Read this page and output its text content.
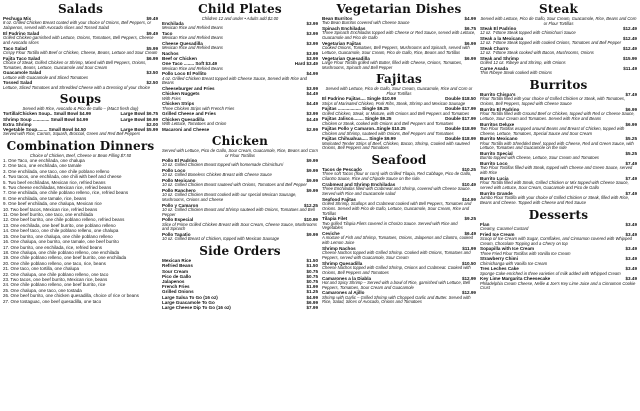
Salads
Pechuga Mix	$9.49
8 oz. Grilled Chicken Breast coated with your choice of Onions, Bell Peppers, or Jalapenos, served with Avocado slices and Tossed Salad
El Padrino Salad	$9.49
Grilled Chicken garnished with Lettuce, Onions, Tomatoes, Bell Peppers, Cheese and Avocado slices
Taco Salad	$5.99
Crispy Flour Tortilla with Beef or Chicken, Cheese, Beans, Lettuce and Sour Cream
Fajita Taco Salad	$6.99
Choice of Steak, Grilled Chicken or Shrimp, Mixed with Bell Peppers, Onions, Tomatoes, Beans, Lettuce, Guacamole and Sour Cream
Guacamole Salad	$3.50
Lettuce with Guacamole and Sliced Tomatoes
Tossed Salad	$2.50
Lettuce, Sliced Tomatoes and Shredded Cheese with a Dressing of your choice
Soups
Served with Rice, Avocado & Pico de Gallo – (Mac3 fresh day)
Tortilla/Chicken Soup.. Small Bowl $4.99	Large Bowl $6.75
Shrimp Soup ............. Small Bowl $4.99	Large Bowl $6.99
Extra Shrimp	$2.00
Vegetable Soup........ Small Bowl $4.50	Large Bowl $5.99
Served with Rice, Carrots, Squash, Broccoli, Green and Red Bell Peppers
Combination Dinners
Choice of Chicken, Beef, Cheese or Bean Filling $7.50
1. One Taco, one enchilada, one chalupa
2. One taco, one enchilada, one tamale
3. One enchilada, one taco, one chile poblano relleno
4. Two tacos, one enchilada, one chili with beef and cheese
5. Two beef enchiladas, Mexican rice, refried beans
6. Two cheese enchiladas, Mexican rice, refried beans
7. One enchilada, one chile poblano relleno, rice, refried beans
8. One enchilada, one tamale, rice, beans
9. One beef enchilada, one chalupa, Mexican rice
10. Two beef tacos, Mexican rice, refried beans
11. One beef burrito, one taco, one enchilada
12. One beef burrito, one chile poblano relleno, refried beans
13. One enchilada, one beef burrito, one poblano relleno
14. One beef taco, one chile poblano relleno, one chalupa
15. One burrito, one chalupa, one chile poblano relleno
16. One chalupa, one burrito, one tamale, one beef burrito
17. One burrito, one enchilada, rice, refried beans
18. One chalupa, one chile poblano relleno, one enchilada
19. One chile poblano relleno, one beef burrito, one enchilada
20. One chile poblano relleno, one taco, rice, beans
21. One taco, one tortilla, one chalupa
22. One chalupa, one chile poblano relleno, one taco
23. Two tacos, one beef burrito, Mexican rice, beans
24. One chile poblano relleno, one beef burrito, rice
25. One chalupa, one taco, one tostada
26. One beef burrito, one chicken quesadilla, choice of rice or beans
27. One tostaguac, one beef quesadilla, one taco
Child Plates
Children 12 and under • Adults add $2.00
Enchilada	$3.99
Mexican Rice and Refried Beans
Taco	$3.99
Mexican Rice and Refried Beans
Cheese Quesadilla	$3.99
Mexican Rice and Refried Beans
Nachos	$3.99
Beef or Chicken	$3.99
One Taco ........ Soft $3.49	Hard $3.49
Mexican Rice and Refried Beans
Pollo Loco El Pollito	$4.99
4 oz. Grilled Chicken Breast topped with Cheese Sauce, Served with Rice and Beans
Cheeseburger and Fries	$3.99
Chicken Nuggets	$4.49
With Fries
Chicken Strips	$4.49
Three Chicken Strips with French Fries
Grilled Cheese and Fries	$3.99
Chicken Quesadilla	$4.49
With Lettuce, Tomatoes and Onion
Macaroni and Cheese	$2.99
Chicken
Served with Lettuce, Pico de Gallo, Sour Cream, Guacamole, Rice, Beans and Corn or Flour Tortillas
Pollo El Padrino	$9.99
10 oz. Grilled Chicken Breast topped with homemade Chimichurri
Pollo Loco	$9.99
10 oz. Grilled Boneless Chicken Breast with Cheese Sauce
Pollo Mexicano	$9.99
10 oz. Grilled Chicken Breast sauteed with Onions, Tomatoes and Bell Pepper
Pollo Ranchero	$9.99
10 oz. Grilled Chicken Breast cooked with our special Mexican Sausage, Mushrooms, Onions and Cheese
Pollo y Camaron	$12.25
10 oz. Grilled Chicken Breast and Shrimp sauteed with Onions, Tomatoes and Bell Pepper
Pollo Especial	$10.99
Slice of Prime Grilled Chicken Breast with Sour Cream, Cheese Sauce, Mushrooms and Spinach
Pollo Tapatio	$9.99
10 oz. Grilled Breast of Chicken, topped with Mexican Sausage
Side Orders
Mexican Rice	$1.50
Refried Beans	$1.50
Sour Cream	$0.75
Pico de Gallo	$0.75
Jalapenos	$0.75
French Fries	$1.99
Grilled Onions	$1.25
Large Salsa To Go (16 oz)	$4.99
Large Guacamole To Go	$6.99
Large Cheese Dip To Go (16 oz)	$7.99
Vegetarian Dishes
Bean Burritos	$4.99
Two Bean Burritos covered with Cheese Sauce
Spinach Enchiladas	$6.75
Three Spinach Enchiladas topped with Cheese or Red Sauce, served with Lettuce, Guacamole and Pico de Gallo
Vegetarian Fajitas	$6.99
Cooked Onions, Tomatoes, Bell Peppers, Mushrooms and Spinach, served with Lettuce, Guacamole, Sour Cream, Pico de Gallo, Rice, Beans and Tortillas
Vegetarian Quesadilla	$6.99
Large Flour Tortilla grilled with Butter, filled with Cheese, Onions, Tomatoes, Mushrooms, Spinach and Bell Pepper
Fajitas
Served with Lettuce, Pico de Gallo, Sour Cream, Guacamole, Rice and Corn or Flour Tortillas
El Padrino Fajitas.... Single $10.99	Double $18.50
Strips of Marinated Chicken, Pork Ribs, Steak, Shrimp and Mexican Sausage
Fajitas .................. Single $9.25	Double $17.99
Grilled Chicken, Steak, or Mixture, with Onions and Bell Peppers and Tomatoes
Fajitas Jalisco........ Single $9.25	Double $17.99
Chicken or Steak, cooked with Onions and Bell Peppers and Tomatoes
Fajitas Pollo y Camaron..Single $10.25	Double $18.99
Chicken and Shrimp, sauteed with Onions, Bell Peppers and Tomatoes
Fajitas Chihuahua..... Single $9.99	Double $18.99
Marinated Tender Strips of Beef, Chicken, Bacon, Shrimp, Cooked with sauteed Onions, Bell Peppers and Tomatoes
Seafood
Tacos de Pescado	$10.25
Three soft Tacos (flour or corn) with Grilled Tilapia, Red Cabbage, Pico de Gallo, Cilantro Sauce, Rice and Chipotle Sauce on the side.
Crabmeat and Shrimp Enchiladas	$10.49
Three Enchiladas filled with Crabmeat and Shrimp, covered with Cheese Sauce. Served with Rice and Guacamole salad
Seafood Fajitas	$14.99
Grilled Shrimp, Scallops and Crabmeat cooked with Bell Peppers, Tomatoes and Onions. Served with Pico de Gallo, Lettuce, Guacamole, Sour Cream, Rice and Tortillas
Tilapia Filet	$9.25
Two grilled Tilapia Filets covered in Chorizo Sauce. Served with Rice and Vegetables
Ceviche	$6.49
A mixture of Fish and Shrimp, Tomatoes, Onions, Jalapenos and Cilantro, cooked with Lemon Juice
Shrimp Nachos	$11.99
Cheese Nachos topped with Grilled Shrimp. Cooked with Onions, Tomatoes and Peppers, served with Guacamole, Sour Cream
Shrimp Quesadilla	$10.50
Cheese Nachos topped with Grilled Shrimp, Onions and Crabmeat. Cooked with Onions, Bell Peppers and Tomatoes
Camarones a la Diabla	$12.99
Hot and Spicy Shrimp – Served with a bowl of Rice, garnished with Lettuce, Bell Peppers, Tomatoes, Sour Cream and Guacamole
Camarones al Ajillo	$12.99
Shrimp with Garlic – Grilled Shrimp with Chopped Garlic and Butter. Served with Rice, Salad, Slices of Avocado, Onions and Tomatoes
Steak
Served with Lettuce, Pico de Gallo, Sour Cream, Guacamole, Rice, Beans and Corn or Flour Tortillas
Steak El Padrino	$12.49
12 oz. T-Bone Steak topped with Chimichurri Sauce
Steak a la Mexicana	$12.49
12 oz. T-Bone Steak topped with cooked Onions, Tomatoes and Bell Pepper
Steak Charro	$12.49
12 oz. T-Bone Steak cooked with Bacon, Mushrooms, Onions
Steak and Shrimp	$15.99
Grilled 12 oz. Ribeye and Shrimp, with Onions
Carne Asada	$11.49
Thin Ribeye Steak cooked with Onions
Burritos
Burrito Chispa's	$7.49
Flour Tortilla filled with your choice of Grilled Chicken or Steak, with Tomatoes, Onions, Bell Peppers, topped with Cheese Sauce
Burrito El Padrino	$6.99
Flour Tortilla filled with Ground Beef or Chicken, topped with Red or Cheese Sauce, Lettuce, Sour Cream and Tomatoes. Served with Rice and Beans
Burritos Deluxe	$6.99
Two Flour Tortillas wrapped around Beans and Breast of Chicken, topped with Cheese, Lettuce, Tomatoes, Special Sauce and Sour Cream
Burrito Mexicano	$5.25
Flour Tortilla with Shredded Beef, topped with Cheese, Red and Green Sauce, with Lettuce, Tomatoes and Guacamole on the side
Burrito Special	$5.25
Burrito topped with Cheese, Lettuce, Sour Cream and Tomatoes
Burrito Loco	$7.49
Two Flour Tortillas filled with Steak, topped with Cheese and Green Sauce, served with Rice
Burrito Lucia	$7.49
Flour Tortilla filled with Steak, Grilled Chicken or Mix topped with Cheese Sauce, served with Lettuce, Sour Cream, Guacamole and Pico de Gallo
Burrito Grande	$7.49
Jumbo Flour Tortilla with your choice of Grilled Chicken or Steak, filled with Rice, Beans and Cheese. Topped with Cheese and Red Sauce
Desserts
Flan	$3.49
Creamy, Caramel Custard
Fried Ice Cream	$3.49
Scoop of Ice Cream with Sugar, Cornflakes, and Cinnamon covered with Whipped Cream, Chocolate Topping and a Cherry on top
Sopapilla with Ice Cream	$3.49
Three Fried Flour Tortillas with Vanilla Ice Cream
Strawberry Chimi	$3.49
Chimichanga with Vanilla Ice Cream
Tres Leches Cake	$3.49
Sponge Cake enriched in three varieties of milk added with Whipped Cream
Key Lime Margarita Cheesecake	$3.49
Philadelphia Cream Cheese, Nellie & Joe's Key Lime Juice and a Cinnamon Cookie Crust
